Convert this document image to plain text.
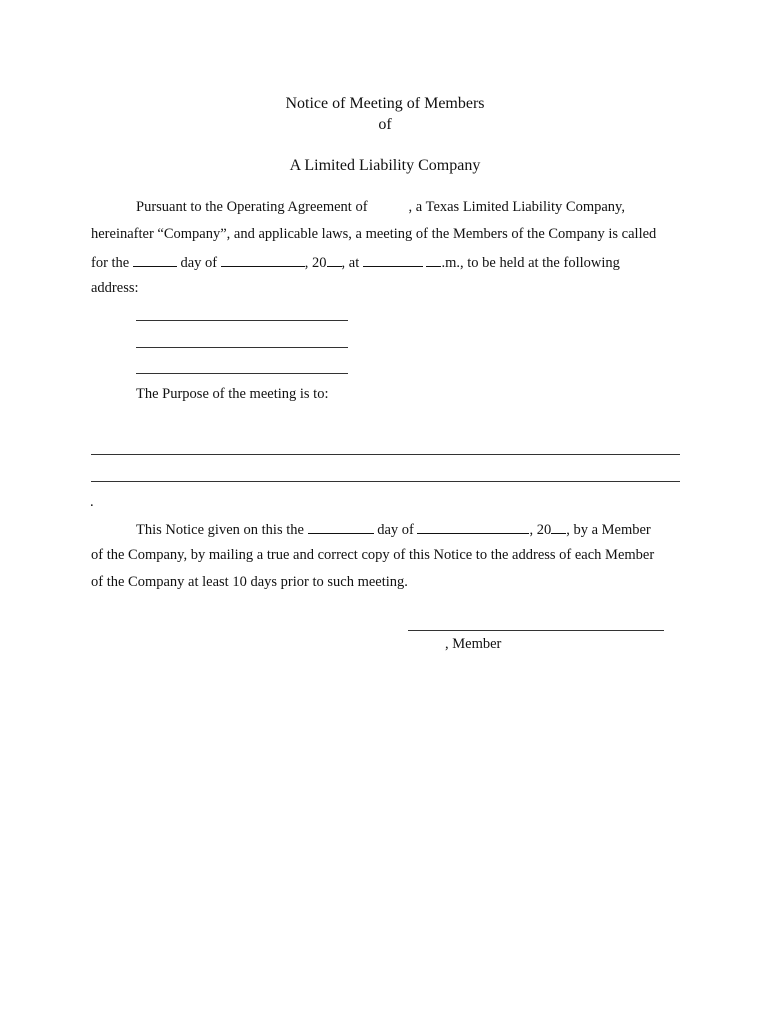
Notice of Meeting of Members
of
A Limited Liability Company
Pursuant to the Operating Agreement of	, a Texas Limited Liability Company,
hereinafter “Company”, and applicable laws, a meeting of the Members of the Company is called
for the	day of	, 20 , at	.m., to be held at the following
address:
The Purpose of the meeting is to:
.
This Notice given on this the	day of	, 20 , by a Member
of the Company, by mailing a true and correct copy of this Notice to the address of each Member
of the Company at least 10 days prior to such meeting.
, Member
